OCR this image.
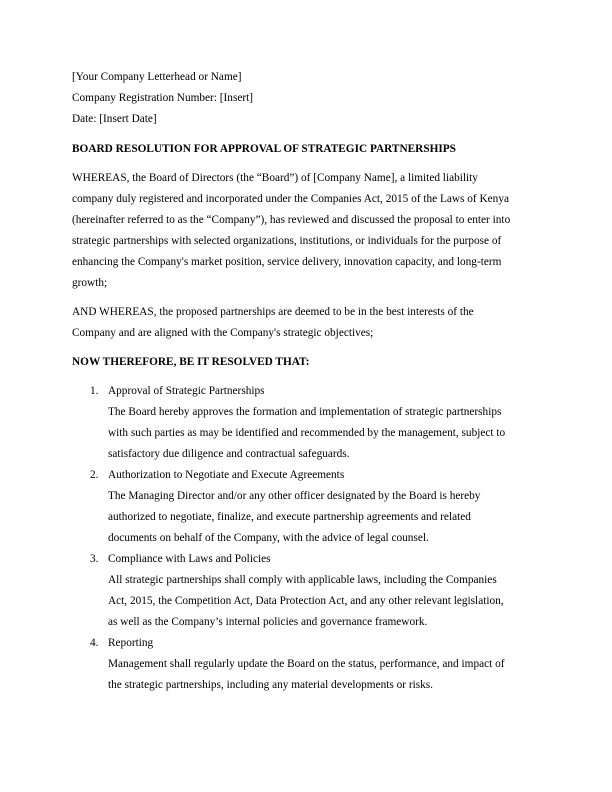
[Your Company Letterhead or Name]
Company Registration Number: [Insert]
Date: [Insert Date]
BOARD RESOLUTION FOR APPROVAL OF STRATEGIC PARTNERSHIPS
WHEREAS, the Board of Directors (the “Board”) of [Company Name], a limited liability
company duly registered and incorporated under the Companies Act, 2015 of the Laws of Kenya
(hereinafter referred to as the “Company”), has reviewed and discussed the proposal to enter into
strategic partnerships with selected organizations, institutions, or individuals for the purpose of
enhancing the Company's market position, service delivery, innovation capacity, and long-term
growth;
AND WHEREAS, the proposed partnerships are deemed to be in the best interests of the
Company and are aligned with the Company's strategic objectives;
NOW THEREFORE, BE IT RESOLVED THAT:
1. Approval of Strategic Partnerships
The Board hereby approves the formation and implementation of strategic partnerships
with such parties as may be identified and recommended by the management, subject to
satisfactory due diligence and contractual safeguards.
2. Authorization to Negotiate and Execute Agreements
The Managing Director and/or any other officer designated by the Board is hereby
authorized to negotiate, finalize, and execute partnership agreements and related
documents on behalf of the Company, with the advice of legal counsel.
3. Compliance with Laws and Policies
All strategic partnerships shall comply with applicable laws, including the Companies
Act, 2015, the Competition Act, Data Protection Act, and any other relevant legislation,
as well as the Company’s internal policies and governance framework.
4. Reporting
Management shall regularly update the Board on the status, performance, and impact of
the strategic partnerships, including any material developments or risks.
